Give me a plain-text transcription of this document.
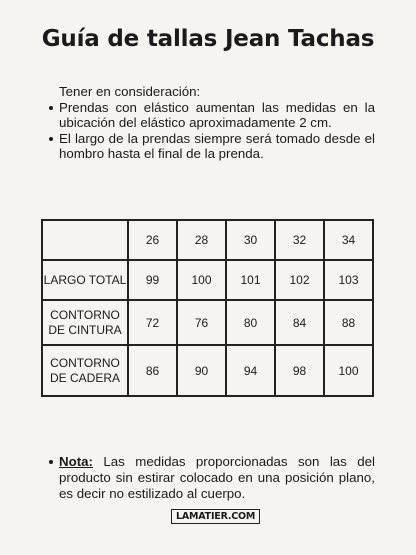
Guía de tallas Jean Tachas
Tener en consideración:
Prendas con elástico aumentan las medidas en la ubicación del elástico aproximadamente 2 cm.
El largo de la prendas siempre será tomado desde el hombro hasta el final de la prenda.
	26	28	30	32	34
LARGO TOTAL	99	100	101	102	103
CONTORNO DE CINTURA	72	76	80	84	88
CONTORNO DE CADERA	86	90	94	98	100
Nota: Las medidas proporcionadas son las del producto sin estirar colocado en una posición plano, es decir no estilizado al cuerpo.
LAMATIER.COM
